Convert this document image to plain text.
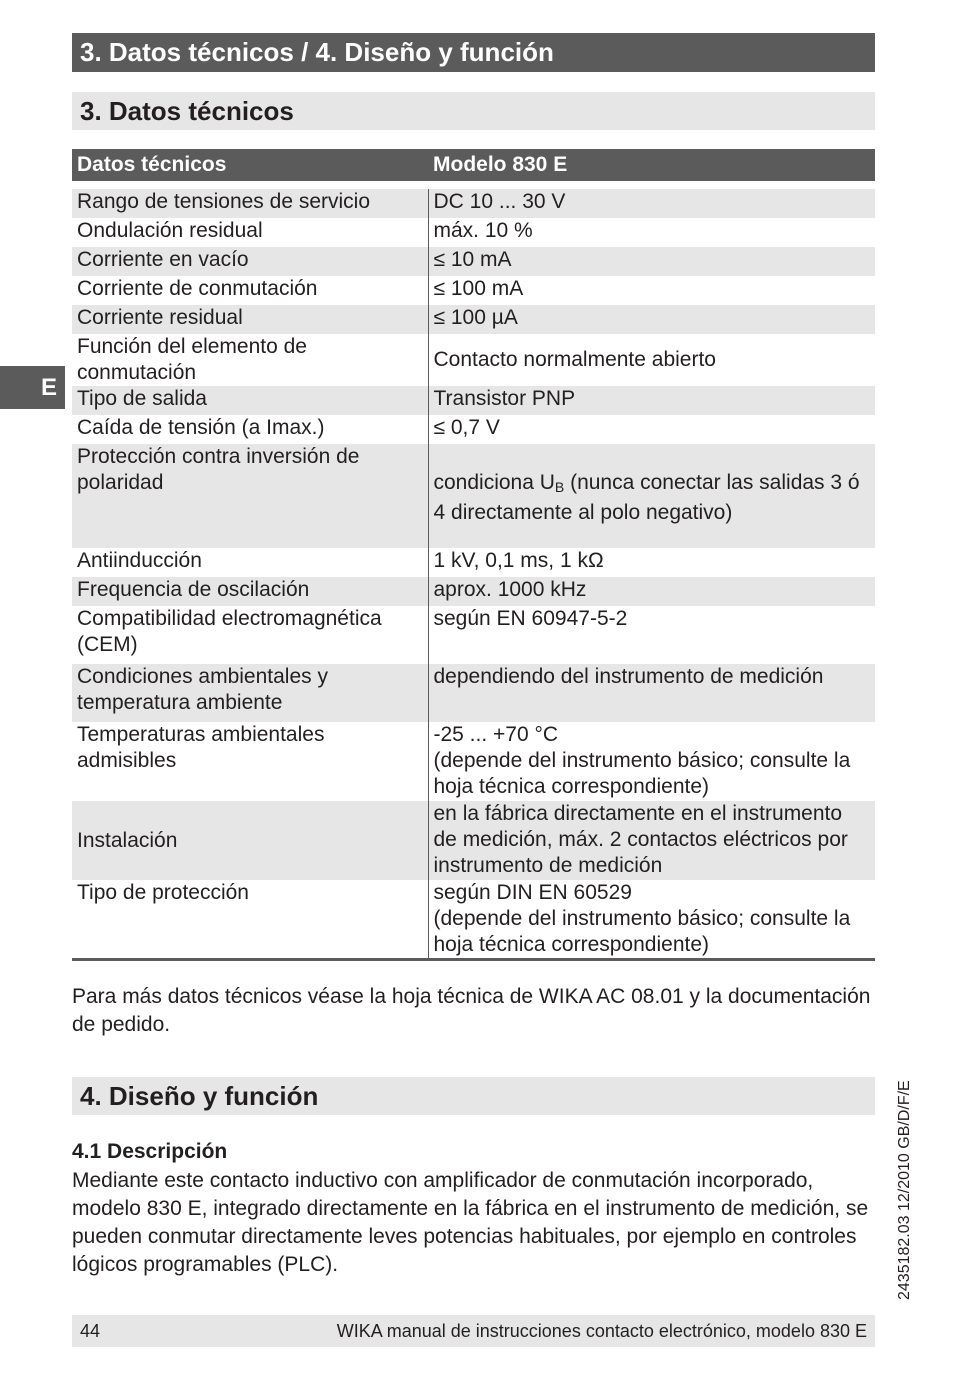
3. Datos técnicos / 4. Diseño y función
3. Datos técnicos
E
Datos técnicos	Modelo 830 E
Rango de tensiones de servicio	DC 10 ... 30 V
Ondulación residual	máx. 10 %
Corriente en vacío	≤ 10 mA
Corriente de conmutación	≤ 100 mA
Corriente residual	≤ 100 µA
Función del elemento de conmutación	Contacto normalmente abierto
Tipo de salida	Transistor PNP
Caída de tensión (a Imax.)	≤ 0,7 V
Protección contra inversión de polaridad	condiciona $U_B$ (nunca conectar las salidas 3 ó 4 directamente al polo negativo)
Antiinducción	1 kV, 0,1 ms, 1 kΩ
Frequencia de oscilación	aprox. 1000 kHz
Compatibilidad electromagnética (CEM)	según EN 60947-5-2
Condiciones ambientales y temperatura ambiente	dependiendo del instrumento de medición
Temperaturas ambientales admisibles	-25 ... +70 °C
(depende del instrumento básico; consulte la hoja técnica correspondiente)

Instalación	en la fábrica directamente en el instrumento de medición, máx. 2 contactos eléctricos por instrumento de medición
Tipo de protección	según DIN EN 60529
(depende del instrumento básico; consulte la hoja técnica correspondiente)
Para más datos técnicos véase la hoja técnica de WIKA AC 08.01 y la documentación de pedido.
4. Diseño y función
4.1 Descripción
Mediante este contacto inductivo con amplificador de conmutación incorporado, modelo 830 E, integrado directamente en la fábrica en el instrumento de medición, se pueden conmutar directamente leves potencias habituales, por ejemplo en controles lógicos programables (PLC).	2435182.03 12/2010 GB/D/F/E
44	WIKA manual de instrucciones contacto electrónico, modelo 830 E
